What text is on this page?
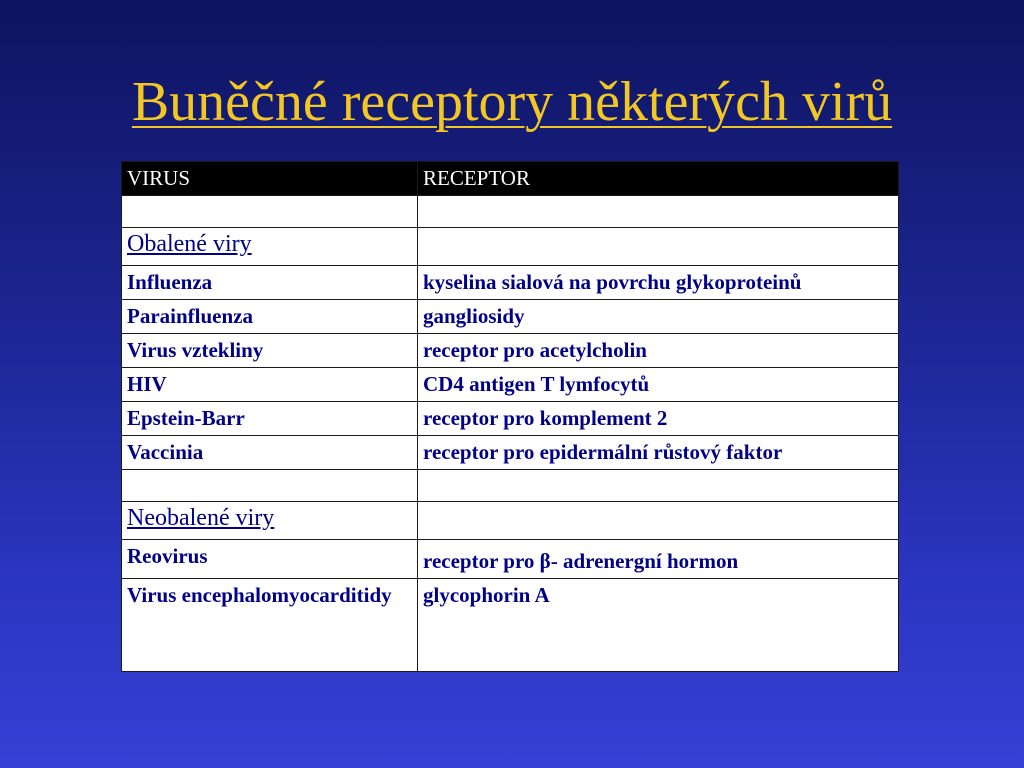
Buněčné receptory některých virů
VIRUS	RECEPTOR

Obalené viry	
Influenza	kyselina sialová na povrchu glykoproteinů
Parainfluenza	gangliosidy
Virus vztekliny	receptor pro acetylcholin
HIV	CD4 antigen T lymfocytů
Epstein-Barr	receptor pro komplement 2
Vaccinia	receptor pro epidermální růstový faktor

Neobalené viry	
Reovirus	receptor pro β- adrenergní hormon
Virus encephalomyocarditidy	glycophorin A
